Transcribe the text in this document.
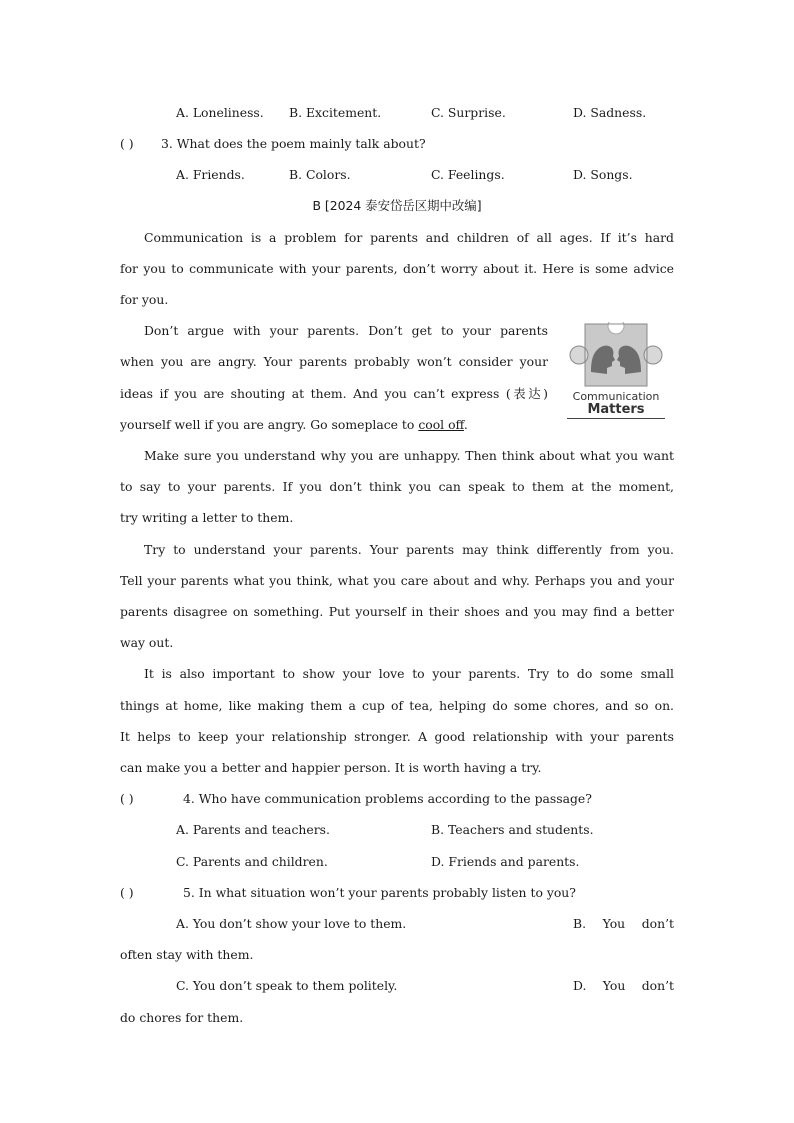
A. Loneliness.	B. Excitement.	C. Surprise.	D. Sadness.
( )	3. What does the poem mainly talk about?
A. Friends.	B. Colors.	C. Feelings.	D. Songs.
B [2024 泰安岱岳区期中改编]
Communication is a problem for parents and children of all ages. If it’s hard
for you to communicate with your parents, don’t worry about it. Here is some advice
for you.
Don’t argue with your parents. Don’t get to your parents
when you are angry. Your parents probably won’t consider your
ideas if you are shouting at them. And you can’t express (表达)
yourself well if you are angry. Go someplace to cool off.
Communication
Matters
Make sure you understand why you are unhappy. Then think about what you want
to say to your parents. If you don’t think you can speak to them at the moment,
try writing a letter to them.
Try to understand your parents. Your parents may think differently from you.
Tell your parents what you think, what you care about and why. Perhaps you and your
parents disagree on something. Put yourself in their shoes and you may find a better
way out.
It is also important to show your love to your parents. Try to do some small
things at home, like making them a cup of tea, helping do some chores, and so on.
It helps to keep your relationship stronger. A good relationship with your parents
can make you a better and happier person. It is worth having a try.
( )	4. Who have communication problems according to the passage?
A. Parents and teachers.	B. Teachers and students.
C. Parents and children.	D. Friends and parents.
( )	5. In what situation won’t your parents probably listen to you?
A. You don’t show your love to them.	B. You don’t
often stay with them.
C. You don’t speak to them politely.	D. You don’t
do chores for them.
